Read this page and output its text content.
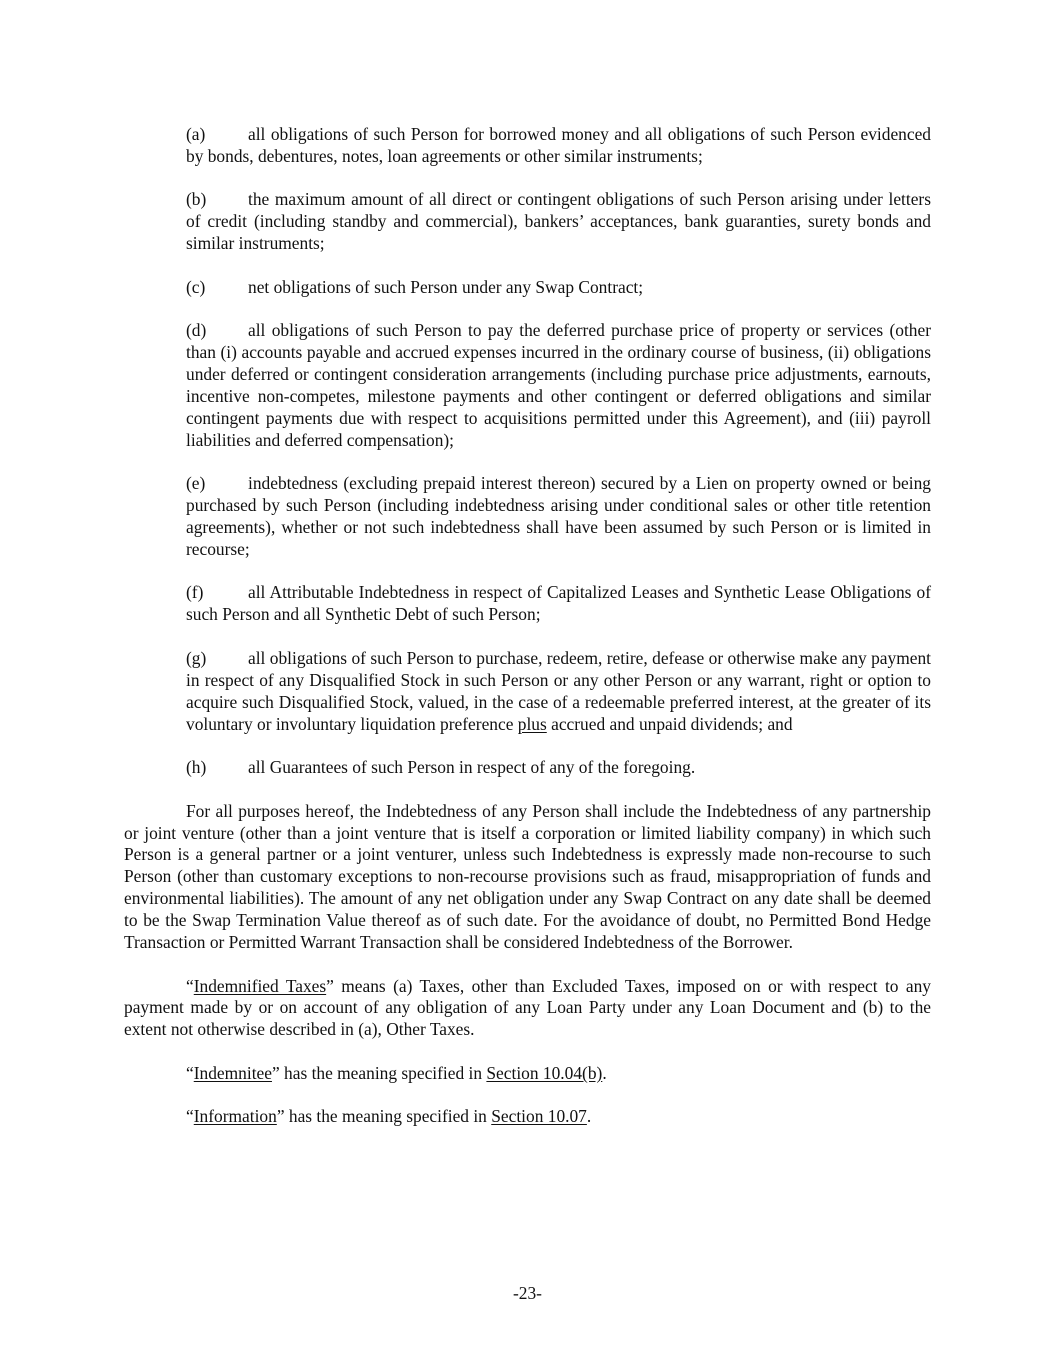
(a) all obligations of such Person for borrowed money and all obligations of such Person evidenced by bonds, debentures, notes, loan agreements or other similar instruments;

(b) the maximum amount of all direct or contingent obligations of such Person arising under letters of credit (including standby and commercial), bankers’ acceptances, bank guaranties, surety bonds and similar instruments;

(c) net obligations of such Person under any Swap Contract;

(d) all obligations of such Person to pay the deferred purchase price of property or services (other than (i) accounts payable and accrued expenses incurred in the ordinary course of business, (ii) obligations under deferred or contingent consideration arrangements (including purchase price adjustments, earnouts, incentive non-competes, milestone payments and other contingent or deferred obligations and similar contingent payments due with respect to acquisitions permitted under this Agreement), and (iii) payroll liabilities and deferred compensation);

(e) indebtedness (excluding prepaid interest thereon) secured by a Lien on property owned or being purchased by such Person (including indebtedness arising under conditional sales or other title retention agreements), whether or not such indebtedness shall have been assumed by such Person or is limited in recourse;

(f)	all Attributable Indebtedness in respect of Capitalized Leases and Synthetic Lease Obligations of such Person and all Synthetic Debt of such Person;

(g) all obligations of such Person to purchase, redeem, retire, defease or otherwise make any payment in respect of any Disqualified Stock in such Person or any other Person or any warrant, right or option to acquire such Disqualified Stock, valued, in the case of a redeemable preferred interest, at the greater of its voluntary or involuntary liquidation preference plus accrued and unpaid dividends; and

(h) all Guarantees of such Person in respect of any of the foregoing.

For all purposes hereof, the Indebtedness of any Person shall include the Indebtedness of any partnership or joint venture (other than a joint venture that is itself a corporation or limited liability company) in which such Person is a general partner or a joint venturer, unless such Indebtedness is expressly made non-recourse to such Person (other than customary exceptions to non-recourse provisions such as fraud, misappropriation of funds and environmental liabilities). The amount of any net obligation under any Swap Contract on any date shall be deemed to be the Swap Termination Value thereof as of such date. For the avoidance of doubt, no Permitted Bond Hedge Transaction or Permitted Warrant Transaction shall be considered Indebtedness of the Borrower.

“Indemnified Taxes” means (a) Taxes, other than Excluded Taxes, imposed on or with respect to any payment made by or on account of any obligation of any Loan Party under any Loan Document and (b) to the extent not otherwise described in (a), Other Taxes.

“Indemnitee” has the meaning specified in Section 10.04(b).

“Information” has the meaning specified in Section 10.07.

-23-
